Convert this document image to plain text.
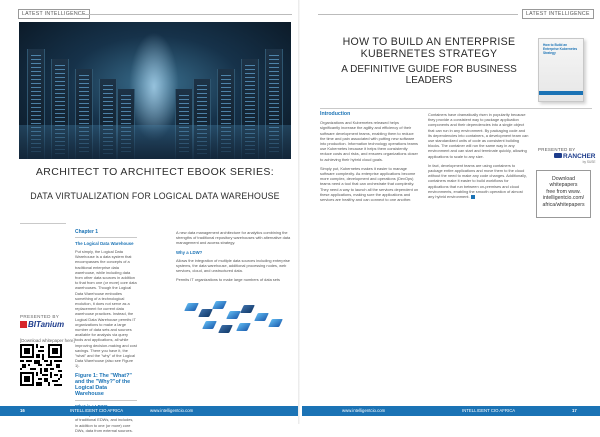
LATEST INTELLIGENCE
ARCHITECT TO ARCHITECT EBOOK SERIES:
DATA VIRTUALIZATION FOR LOGICAL DATA WAREHOUSE
PRESENTED BY
BITanium
[Download whitepaper here]
Chapter 1
The Logical Data Warehouse

Put simply, the Logical Data Warehouse is a data system that encompasses the concepts of a traditional enterprise data warehouse, while including data from other data sources in addition to that from one (or more) core data warehouses. Though the Logical Data Warehouse embodies something of a technological evolution, it does not serve as a replacement for current data warehouse practices. Instead, the Logical Data Warehouse permits IT organizations to make a large number of data sets and sources available for analysis via query tools and applications, all while improving decision-making and cost savings. There you have it, the "what" and the "why" of the Logical Data Warehouse (also see Figure 1).

Figure 1: The "What?" and the "Why?"of the Logical Data Warehouse

of traditional EDWs, and includes, in addition to one (or more) core DWs, data from external sources.

A new data management architecture for analytics combining the strengths of traditional repository warehouses with alternative data management and access strategy.

Why a LDW?

Allows the integration of multiple data sources including enterprise systems, the data warehouse, additional processing nodes, web services, cloud, and unstructured data.

Permits IT organizations to make large numbers of data sets

16	INTELLIGENT CIO AFRICA	www.intelligentcio.com
LATEST INTELLIGENCE
HOW TO BUILD AN ENTERPRISE KUBERNETES STRATEGY
A DEFINITIVE GUIDE FOR BUSINESS LEADERS
How to Build an Enterprise Kubernetes Strategy
Introduction

Organizations and Kubernetes released helps significantly increase the agility and efficiency of their software development teams, enabling them to reduce the time and pain associated with putting new software into production. Information technology operations teams use Kubernetes because it helps them consistently reduce costs and risks, and ensures organizations closer to achieving their hybrid cloud goals.

Simply put, Kubernetes makes it easier to manage software complexity. As enterprise applications become more complex, development and operations (DevOps) teams need a tool that can orchestrate that complexity. They need a way to launch all the services dependent on these applications, making sure the applications and services are healthy and can connect to one another.

Containers have dramatically risen in popularity because they provide a consistent way to package application components and their dependencies into a single object that can run in any environment. By packaging code and its dependencies into containers, a development team can use standardized units of code as consistent building blocks. The container will run the same way in any environment and can start and terminate quickly, allowing applications to scale to any size.

In fact, development teams are using containers to package entire applications and move them to the cloud without the need to make any code changes. Additionally, containers make it easier to build workflows for applications that run between on-premises and cloud environments, enabling the smooth operation of almost any hybrid environment.

PRESENTED BY
RANCHER
by SUSE
Download
whitepapers
free from www.
intelligentcio.com/
africa/whitepapers
www.intelligentcio.com	INTELLIGENT CIO AFRICA	17
